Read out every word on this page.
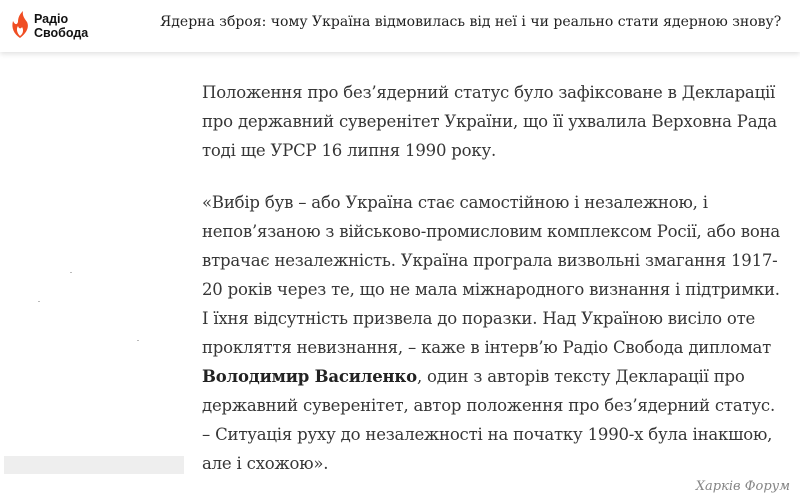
Радіо
Свобода
Ядерна зброя: чому Україна відмовилась від неї і чи реально стати ядерною знову?

Положення про без’ядерний статус було зафіксоване в Декларації про державний суверенітет України, що її ухвалила Верховна Рада тоді ще УРСР 16 липня 1990 року.

«Вибір був – або Україна стає самостійною і незалежною, і непов’язаною з військово-промисловим комплексом Росії, або вона втрачає незалежність. Україна програла визвольні змагання 1917-20 років через те, що не мала міжнародного визнання і підтримки. І їхня відсутність призвела до поразки. Над Україною висіло оте прокляття невизнання, – каже в інтерв’ю Радіо Свобода дипломат Володимир Василенко, один з авторів тексту Декларації про державний суверенітет, автор положення про без’ядерний статус. – Ситуація руху до незалежності на початку 1990-х була інакшою, але і схожою».

Харків Форум
